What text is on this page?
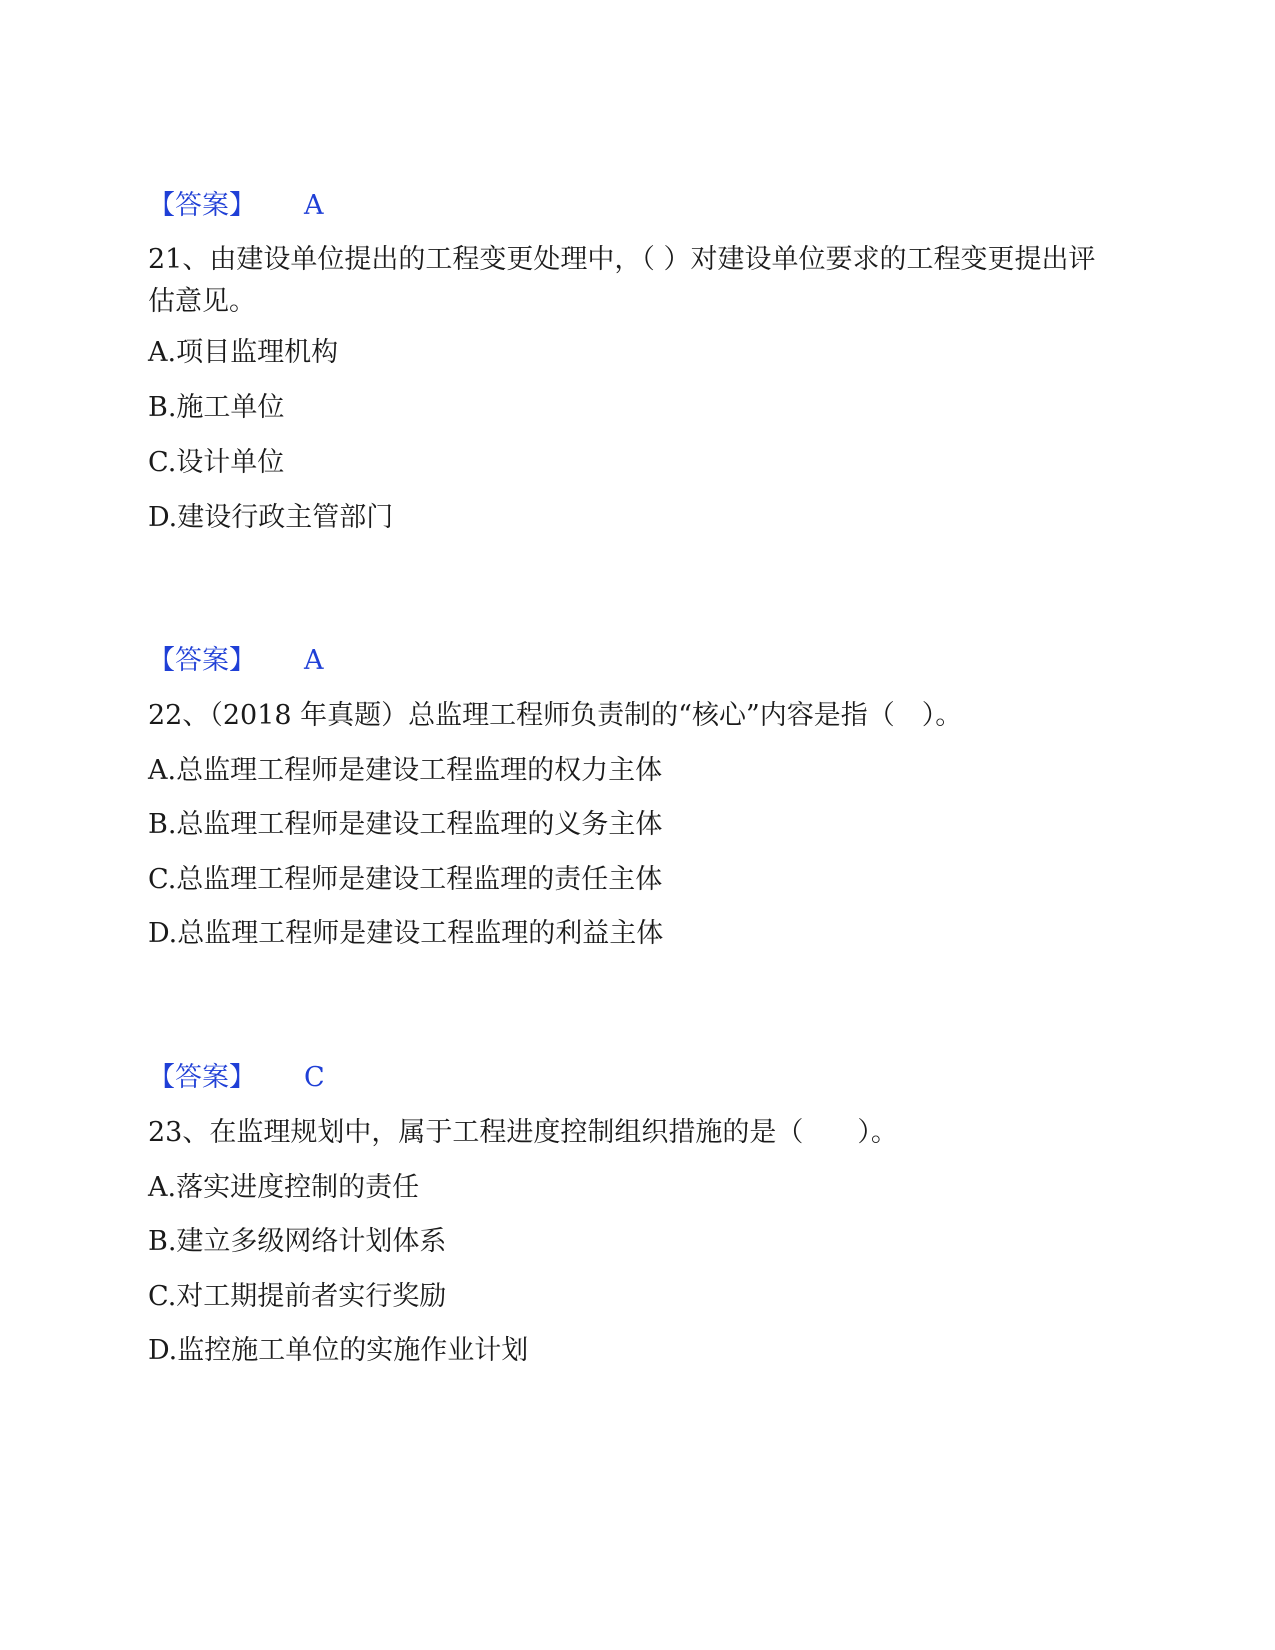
【答案】 A
21、由建设单位提出的工程变更处理中，（ ）对建设单位要求的工程变更提出评估意见。
A.项目监理机构
B.施工单位
C.设计单位
D.建设行政主管部门
【答案】 A
22、（2018 年真题）总监理工程师负责制的“核心”内容是指（　）。
A.总监理工程师是建设工程监理的权力主体
B.总监理工程师是建设工程监理的义务主体
C.总监理工程师是建设工程监理的责任主体
D.总监理工程师是建设工程监理的利益主体
【答案】 C
23、在监理规划中，属于工程进度控制组织措施的是（　　）。
A.落实进度控制的责任
B.建立多级网络计划体系
C.对工期提前者实行奖励
D.监控施工单位的实施作业计划
